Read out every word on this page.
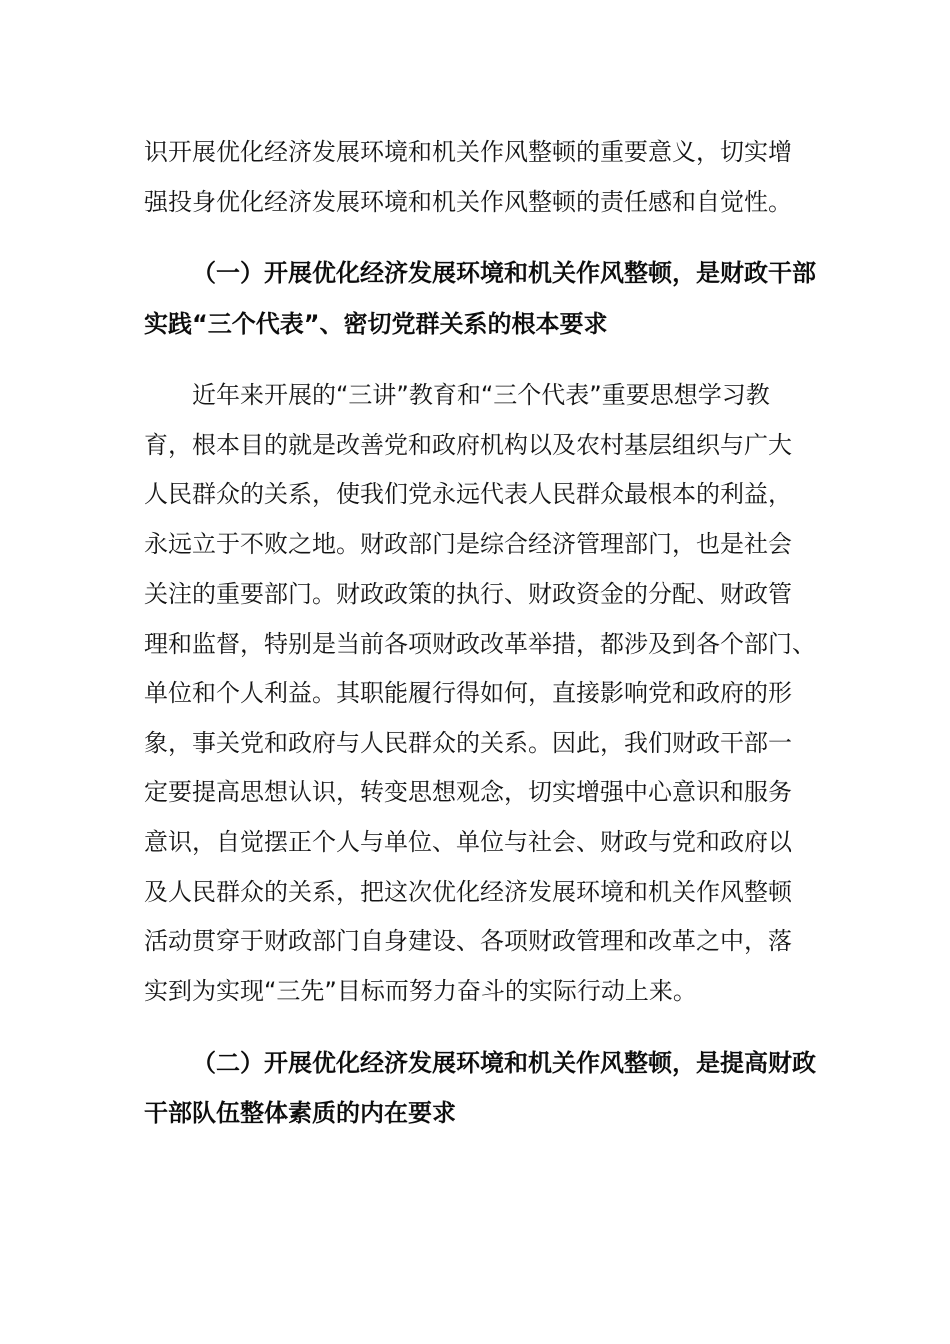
识开展优化经济发展环境和机关作风整顿的重要意义，切实增
强投身优化经济发展环境和机关作风整顿的责任感和自觉性。
（一）开展优化经济发展环境和机关作风整顿，是财政干部
实践“三个代表”、密切党群关系的根本要求
近年来开展的“三讲”教育和“三个代表”重要思想学习教
育，根本目的就是改善党和政府机构以及农村基层组织与广大
人民群众的关系，使我们党永远代表人民群众最根本的利益，
永远立于不败之地。财政部门是综合经济管理部门，也是社会
关注的重要部门。财政政策的执行、财政资金的分配、财政管
理和监督，特别是当前各项财政改革举措，都涉及到各个部门、
单位和个人利益。其职能履行得如何，直接影响党和政府的形
象，事关党和政府与人民群众的关系。因此，我们财政干部一
定要提高思想认识，转变思想观念，切实增强中心意识和服务
意识，自觉摆正个人与单位、单位与社会、财政与党和政府以
及人民群众的关系，把这次优化经济发展环境和机关作风整顿
活动贯穿于财政部门自身建设、各项财政管理和改革之中，落
实到为实现“三先”目标而努力奋斗的实际行动上来。
（二）开展优化经济发展环境和机关作风整顿，是提高财政
干部队伍整体素质的内在要求
